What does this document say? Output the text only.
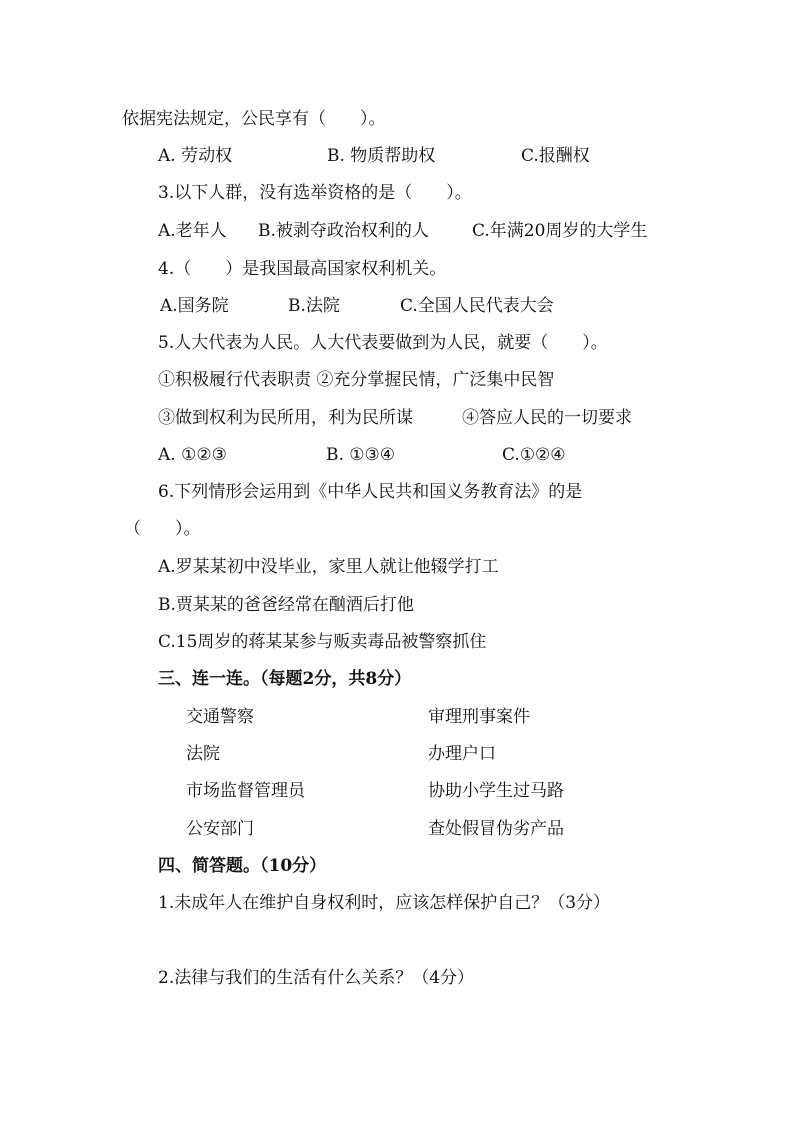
依据宪法规定，公民享有（　　）。
A. 劳动权	B. 物质帮助权	C.报酬权
3.以下人群，没有选举资格的是（　　）。
A.老年人 B.被剥夺政治权利的人	C.年满20周岁的大学生
4.（　　）是我国最高国家权利机关。
A.国务院	B.法院	C.全国人民代表大会
5.人大代表为人民。人大代表要做到为人民，就要（　　）。
①积极履行代表职责 ②充分掌握民情，广泛集中民智
③做到权利为民所用，利为民所谋	④答应人民的一切要求
A. ①②③	B. ①③④	C.①②④
6.下列情形会运用到《中华人民共和国义务教育法》的是
（　　）。
A.罗某某初中没毕业，家里人就让他辍学打工
B.贾某某的爸爸经常在酗酒后打他
C.15周岁的蒋某某参与贩卖毒品被警察抓住
三、连一连。（每题2分，共8分）
交通警察	审理刑事案件
法院	办理户口
市场监督管理员	协助小学生过马路
公安部门	查处假冒伪劣产品
四、简答题。（10分）
1.未成年人在维护自身权利时，应该怎样保护自己？（3分）
2.法律与我们的生活有什么关系？（4分）
